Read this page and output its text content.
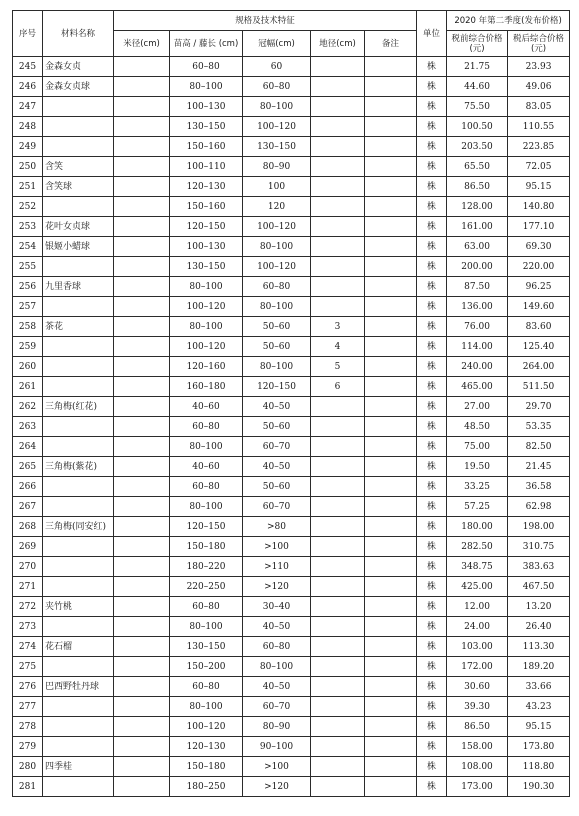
序号	材料名称	规格及技术特征					单位	2020 年第二季度(发布价格)	
		米径(cm)	苗高 / 藤长 (cm)	冠幅(cm)	地径(cm)	备注		税前综合价格(元)	税后综合价格(元)
245	金森女贞		60–80	60			株	21.75	23.93
246	金森女贞球		80–100	60–80			株	44.60	49.06
247			100–130	80–100			株	75.50	83.05
248			130–150	100–120			株	100.50	110.55
249			150–160	130–150			株	203.50	223.85
250	含笑		100–110	80–90			株	65.50	72.05
251	含笑球		120–130	100			株	86.50	95.15
252			150–160	120			株	128.00	140.80
253	花叶女贞球		120–150	100–120			株	161.00	177.10
254	银姬小蜡球		100–130	80–100			株	63.00	69.30
255			130–150	100–120			株	200.00	220.00
256	九里香球		80–100	60–80			株	87.50	96.25
257			100–120	80–100			株	136.00	149.60
258	茶花		80–100	50–60	3		株	76.00	83.60
259			100–120	50–60	4		株	114.00	125.40
260			120–160	80–100	5		株	240.00	264.00
261			160–180	120–150	6		株	465.00	511.50
262	三角梅(红花)		40–60	40–50			株	27.00	29.70
263			60–80	50–60			株	48.50	53.35
264			80–100	60–70			株	75.00	82.50
265	三角梅(紫花)		40–60	40–50			株	19.50	21.45
266			60–80	50–60			株	33.25	36.58
267			80–100	60–70			株	57.25	62.98
268	三角梅(同安红)		120–150	>80			株	180.00	198.00
269			150–180	>100			株	282.50	310.75
270			180–220	>110			株	348.75	383.63
271			220–250	>120			株	425.00	467.50
272	夹竹桃		60–80	30–40			株	12.00	13.20
273			80–100	40–50			株	24.00	26.40
274	花石榴		130–150	60–80			株	103.00	113.30
275			150–200	80–100			株	172.00	189.20
276	巴西野牡丹球		60–80	40–50			株	30.60	33.66
277			80–100	60–70			株	39.30	43.23
278			100–120	80–90			株	86.50	95.15
279			120–130	90–100			株	158.00	173.80
280	四季桂		150–180	>100			株	108.00	118.80
281			180–250	>120			株	173.00	190.30
